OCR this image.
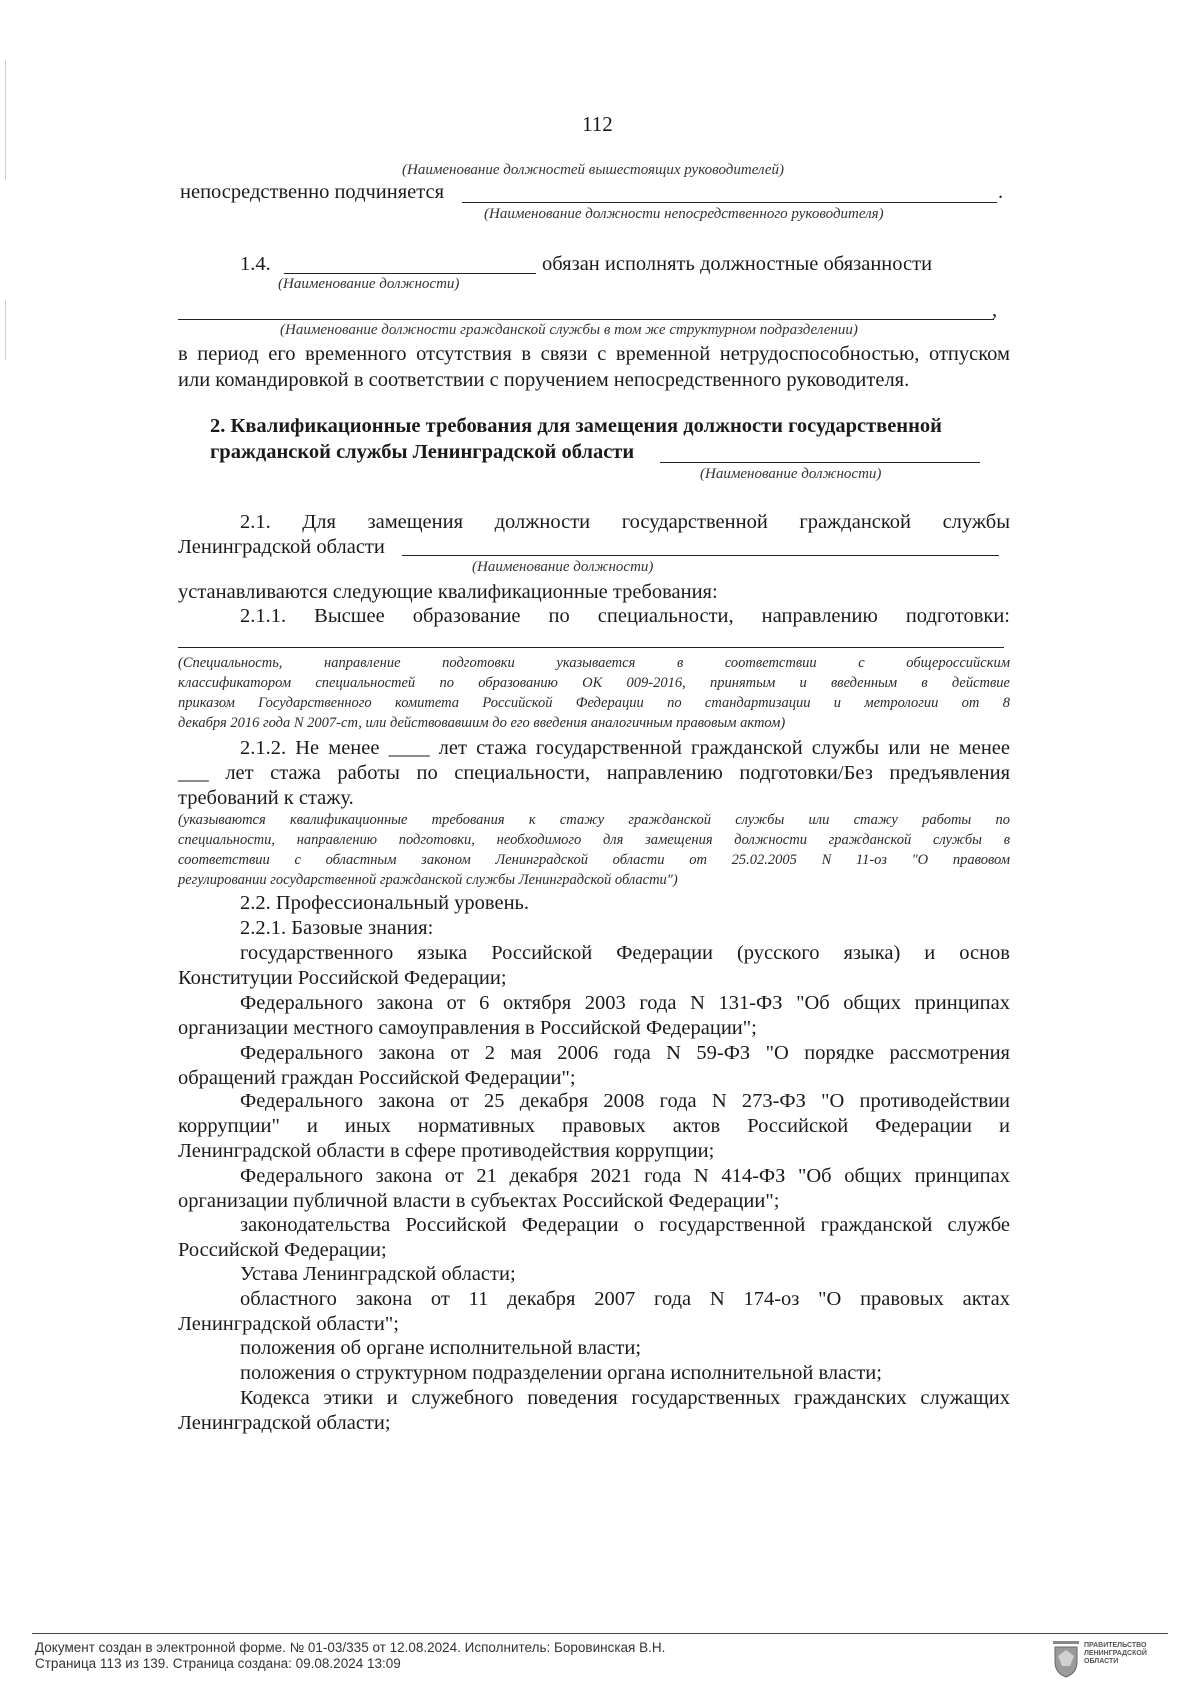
112
(Наименование должностей вышестоящих руководителей)
непосредственно подчиняется	.
(Наименование должности непосредственного руководителя)
1.4.	обязан исполнять должностные обязанности
(Наименование должности)
,
(Наименование должности гражданской службы в том же структурном подразделении)
в период его временного отсутствия в связи с временной нетрудоспособностью, отпуском
или командировкой в соответствии с поручением непосредственного руководителя.
2. Квалификационные требования для замещения должности государственной
гражданской службы Ленинградской области
(Наименование должности)
2.1. Для замещения должности государственной гражданской службы
Ленинградской области
(Наименование должности)
устанавливаются следующие квалификационные требования:
2.1.1. Высшее образование по специальности, направлению подготовки:
(Специальность, направление подготовки указывается в соответствии с общероссийским
классификатором специальностей по образованию ОК 009-2016, принятым и введенным в действие
приказом Государственного комитета Российской Федерации по стандартизации и метрологии от 8
декабря 2016 года N 2007-ст, или действовавшим до его введения аналогичным правовым актом)
2.1.2. Не менее ____ лет стажа государственной гражданской службы или не менее
___ лет стажа работы по специальности, направлению подготовки/Без предъявления
требований к стажу.
(указываются квалификационные требования к стажу гражданской службы или стажу работы по
специальности, направлению подготовки, необходимого для замещения должности гражданской службы в
соответствии с областным законом Ленинградской области от 25.02.2005 N 11-оз "О правовом
регулировании государственной гражданской службы Ленинградской области")
2.2. Профессиональный уровень.
2.2.1. Базовые знания:
государственного языка Российской Федерации (русского языка) и основ
Конституции Российской Федерации;
Федерального закона от 6 октября 2003 года N 131-ФЗ "Об общих принципах
организации местного самоуправления в Российской Федерации";
Федерального закона от 2 мая 2006 года N 59-ФЗ "О порядке рассмотрения
обращений граждан Российской Федерации";
Федерального закона от 25 декабря 2008 года N 273-ФЗ "О противодействии
коррупции" и иных нормативных правовых актов Российской Федерации и
Ленинградской области в сфере противодействия коррупции;
Федерального закона от 21 декабря 2021 года N 414-ФЗ "Об общих принципах
организации публичной власти в субъектах Российской Федерации";
законодательства Российской Федерации о государственной гражданской службе
Российской Федерации;
Устава Ленинградской области;
областного закона от 11 декабря 2007 года N 174-оз "О правовых актах
Ленинградской области";
положения об органе исполнительной власти;
положения о структурном подразделении органа исполнительной власти;
Кодекса этики и служебного поведения государственных гражданских служащих
Ленинградской области;
Документ создан в электронной форме. № 01-03/335 от 12.08.2024. Исполнитель: Боровинская В.Н.
Страница 113 из 139. Страница создана: 09.08.2024 13:09
ПРАВИТЕЛЬСТВО
ЛЕНИНГРАДСКОЙ
ОБЛАСТИ
